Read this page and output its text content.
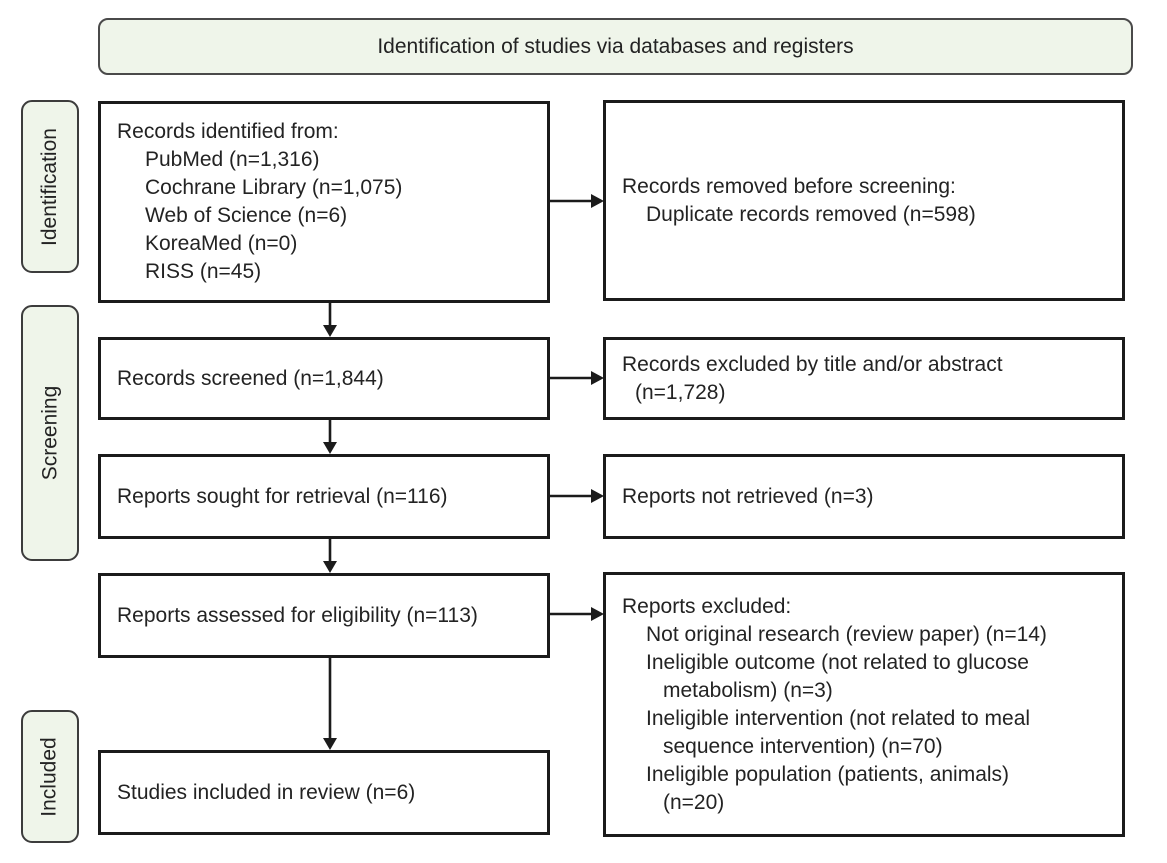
Identification of studies via databases and registers
Identification
Screening
Included
Records identified from:
PubMed (n=1,316)
Cochrane Library (n=1,075)
Web of Science (n=6)
KoreaMed (n=0)
RISS (n=45)
Records removed before screening:
Duplicate records removed (n=598)
Records screened (n=1,844)
Records excluded by title and/or abstract
(n=1,728)
Reports sought for retrieval (n=116)	Reports not retrieved (n=3)
Reports assessed for eligibility (n=113)	Reports excluded:
Not original research (review paper) (n=14)
Ineligible outcome (not related to glucose
metabolism) (n=3)
Ineligible intervention (not related to meal
sequence intervention) (n=70)
Ineligible population (patients, animals)
(n=20)
Studies included in review (n=6)
